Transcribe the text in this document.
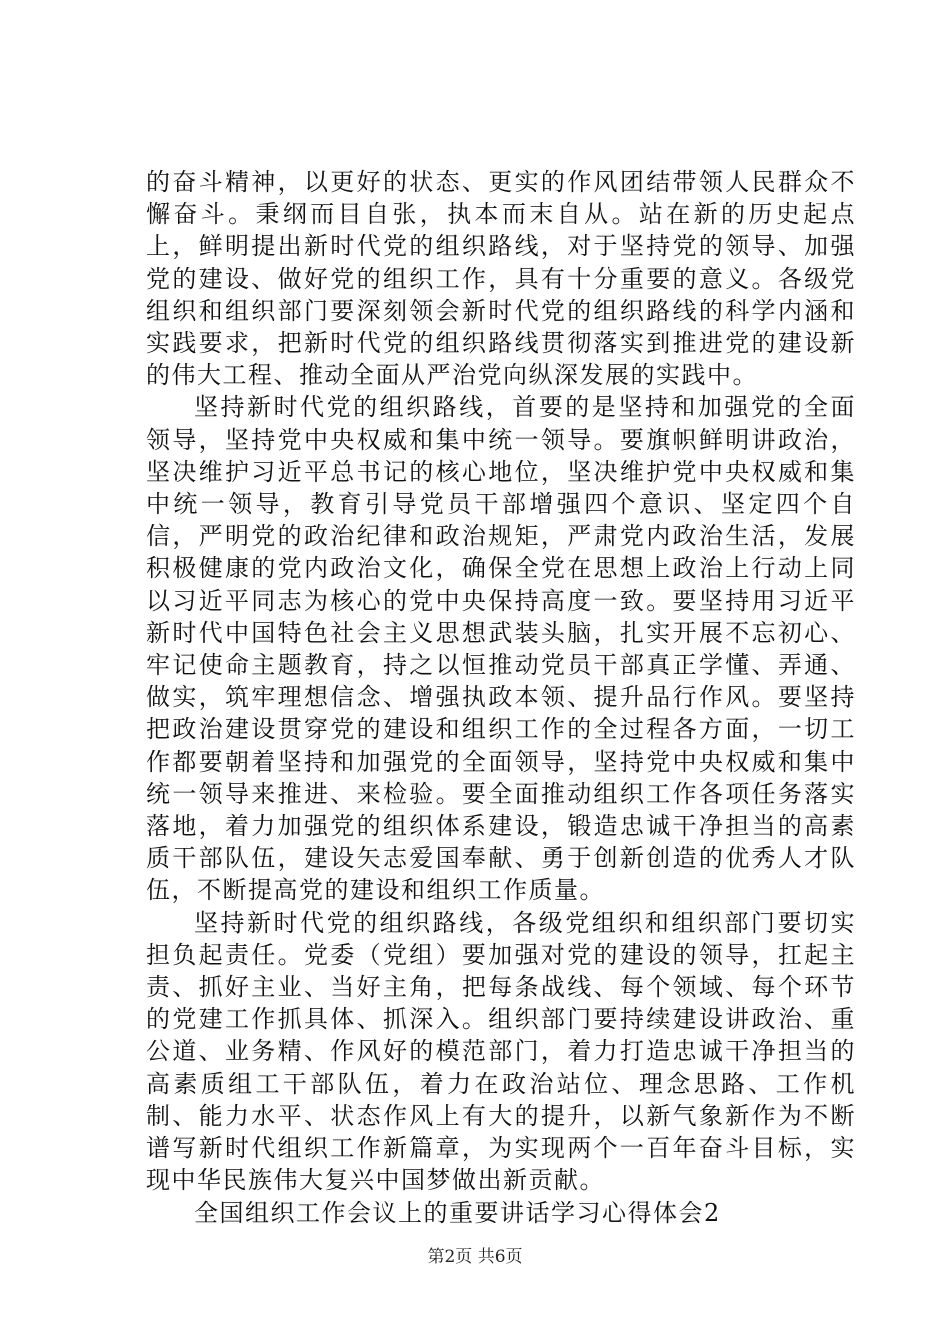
的奋斗精神，以更好的状态、更实的作风团结带领人民群众不懈奋斗。秉纲而目自张，执本而末自从。站在新的历史起点上，鲜明提出新时代党的组织路线，对于坚持党的领导、加强党的建设、做好党的组织工作，具有十分重要的意义。各级党组织和组织部门要深刻领会新时代党的组织路线的科学内涵和实践要求，把新时代党的组织路线贯彻落实到推进党的建设新的伟大工程、推动全面从严治党向纵深发展的实践中。

坚持新时代党的组织路线，首要的是坚持和加强党的全面领导，坚持党中央权威和集中统一领导。要旗帜鲜明讲政治，坚决维护习近平总书记的核心地位，坚决维护党中央权威和集中统一领导，教育引导党员干部增强四个意识、坚定四个自信，严明党的政治纪律和政治规矩，严肃党内政治生活，发展积极健康的党内政治文化，确保全党在思想上政治上行动上同以习近平同志为核心的党中央保持高度一致。要坚持用习近平新时代中国特色社会主义思想武装头脑，扎实开展不忘初心、牢记使命主题教育，持之以恒推动党员干部真正学懂、弄通、做实，筑牢理想信念、增强执政本领、提升品行作风。要坚持把政治建设贯穿党的建设和组织工作的全过程各方面，一切工作都要朝着坚持和加强党的全面领导，坚持党中央权威和集中统一领导来推进、来检验。要全面推动组织工作各项任务落实落地，着力加强党的组织体系建设，锻造忠诚干净担当的高素质干部队伍，建设矢志爱国奉献、勇于创新创造的优秀人才队伍，不断提高党的建设和组织工作质量。

坚持新时代党的组织路线，各级党组织和组织部门要切实担负起责任。党委（党组）要加强对党的建设的领导，扛起主责、抓好主业、当好主角，把每条战线、每个领域、每个环节的党建工作抓具体、抓深入。组织部门要持续建设讲政治、重公道、业务精、作风好的模范部门，着力打造忠诚干净担当的高素质组工干部队伍，着力在政治站位、理念思路、工作机制、能力水平、状态作风上有大的提升，以新气象新作为不断谱写新时代组织工作新篇章，为实现两个一百年奋斗目标，实现中华民族伟大复兴中国梦做出新贡献。

全国组织工作会议上的重要讲话学习心得体会2

第2页 共6页
